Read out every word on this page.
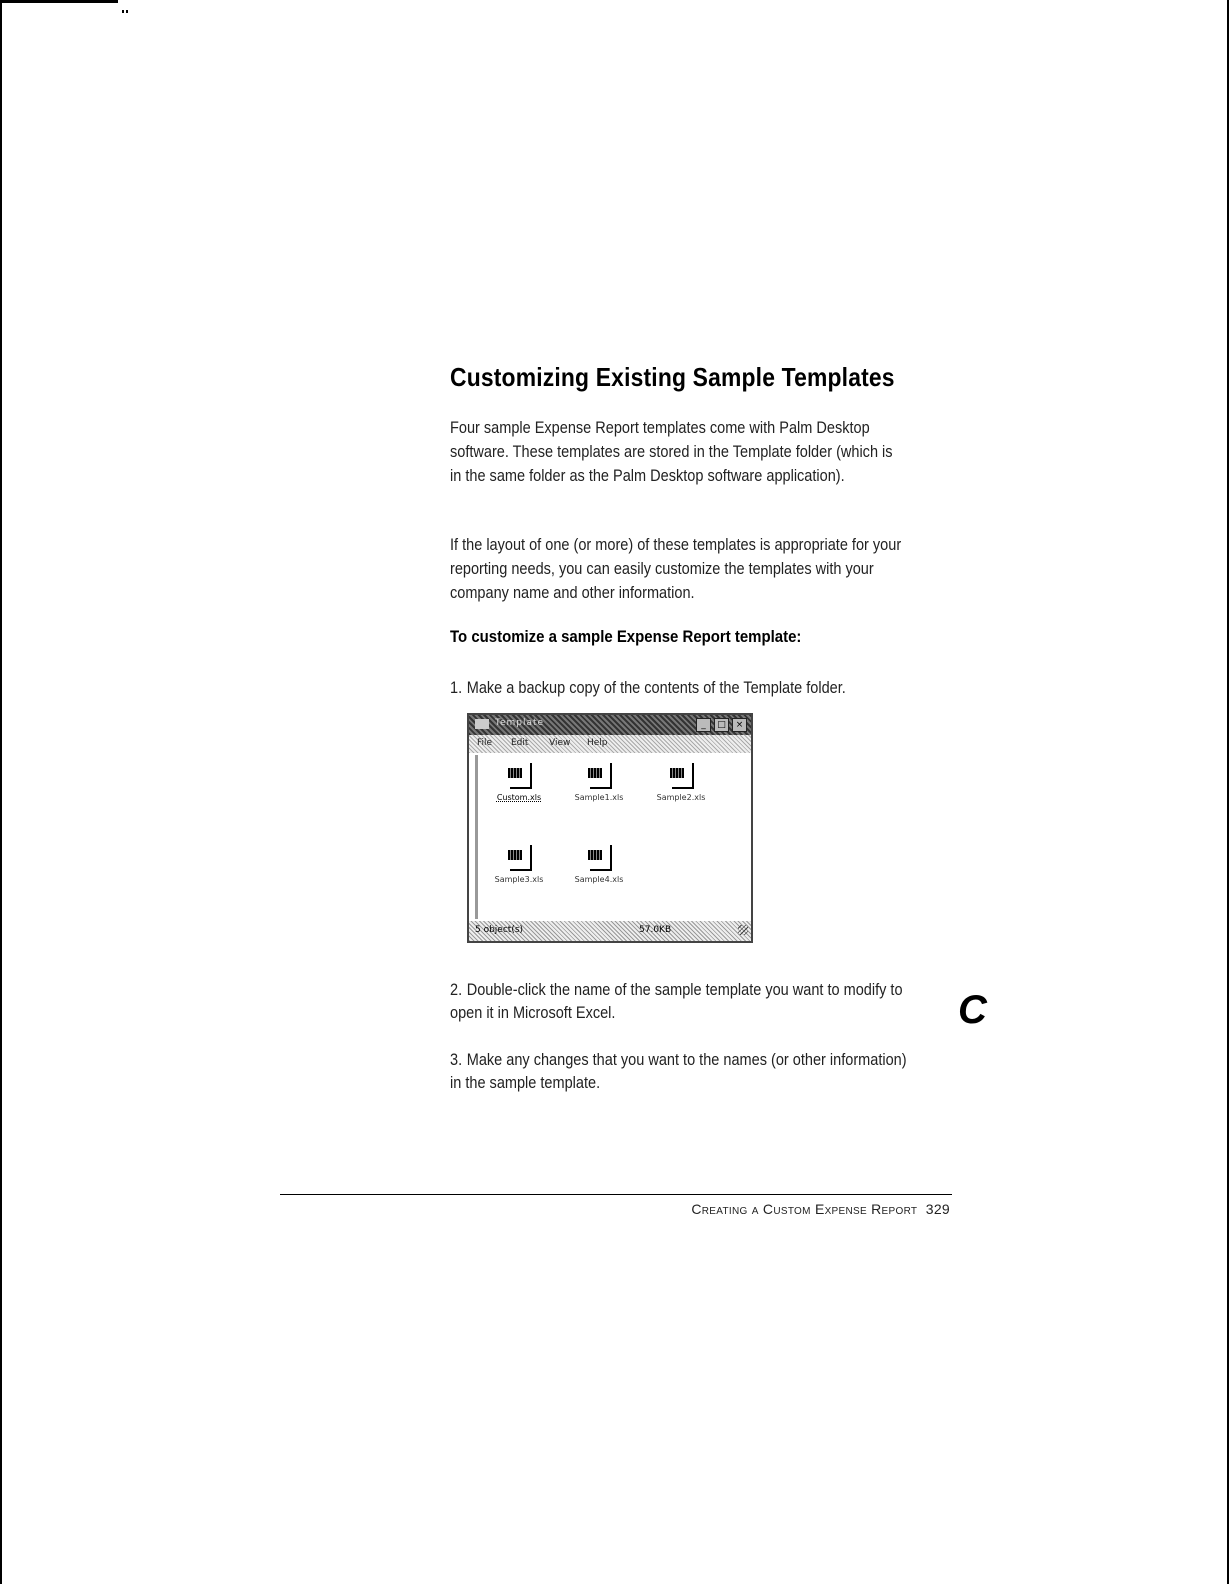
Customizing Existing Sample Templates

Four sample Expense Report templates come with Palm Desktop software. These templates are stored in the Template folder (which is in the same folder as the Palm Desktop software application).

If the layout of one (or more) of these templates is appropriate for your reporting needs, you can easily customize the templates with your company name and other information.

To customize a sample Expense Report template:

1. Make a backup copy of the contents of the Template folder.

Template	_	□	×
File Edit View Help
Custom.xls	Sample1.xls	Sample2.xls
Sample3.xls	Sample4.xls
5 object(s)	57.0KB

2. Double-click the name of the sample template you want to modify to open it in Microsoft Excel.

3. Make any changes that you want to the names (or other information) in the sample template.

C
Creating a Custom Expense Report 329
